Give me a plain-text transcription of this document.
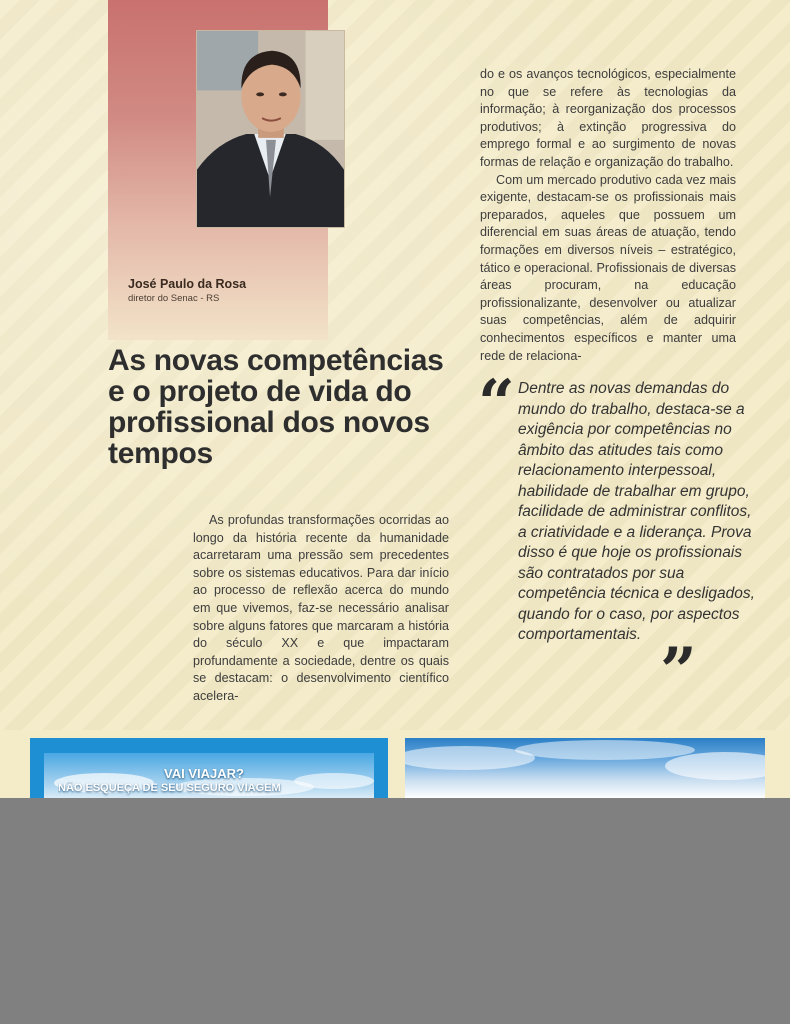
José Paulo da Rosa
diretor do Senac - RS
As novas competências e o projeto de vida do profissional dos novos tempos

As profundas transformações ocorridas ao longo da história recente da humanidade acarretaram uma pressão sem precedentes sobre os sistemas educativos. Para dar início ao processo de reflexão acerca do mundo em que vivemos, faz-se necessário analisar sobre alguns fatores que marcaram a história do século XX e que impactaram profundamente a sociedade, dentre os quais se destacam: o desenvolvimento científico acelera-

do e os avanços tecnológicos, especialmente no que se refere às tecnologias da informação; à reorganização dos processos produtivos; à extinção progressiva do emprego formal e ao surgimento de novas formas de relação e organização do trabalho.

Com um mercado produtivo cada vez mais exigente, destacam-se os profissionais mais preparados, aqueles que possuem um diferencial em suas áreas de atuação, tendo formações em diversos níveis – estratégico, tático e operacional. Profissionais de diversas áreas procuram, na educação profissionalizante, desenvolver ou atualizar suas competências, além de adquirir conhecimentos específicos e manter uma rede de relaciona-

“ Dentre as novas demandas do mundo do trabalho, destaca-se a exigência por competências no âmbito das atitudes tais como relacionamento interpessoal, habilidade de trabalhar em grupo, facilidade de administrar conflitos, a criatividade e a liderança. Prova disso é que hoje os profissionais são contratados por sua competência técnica e desligados, quando for o caso, por aspectos comportamentais. ”
VAI VIAJAR?
NÃO ESQUEÇA DE SEU SEGURO VIAGEM
